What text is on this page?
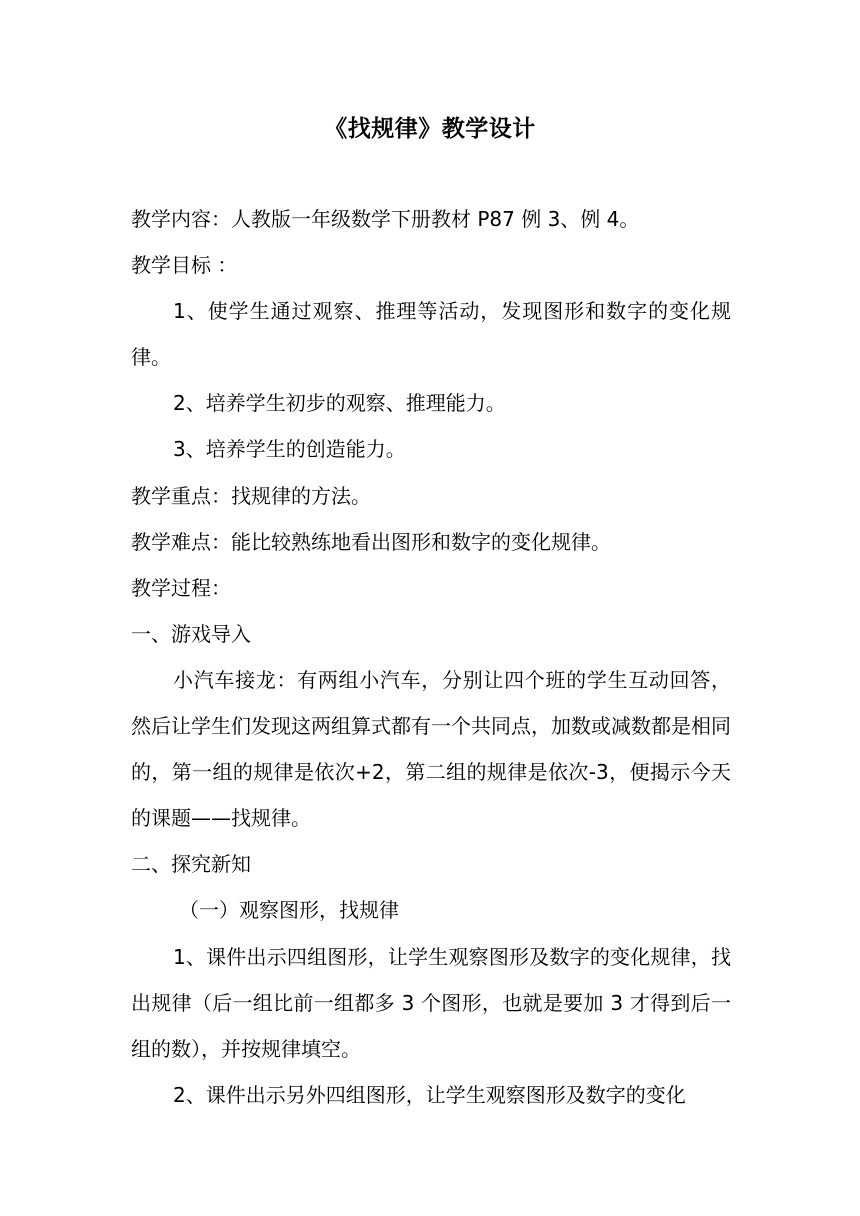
《找规律》教学设计

教学内容：人教版一年级数学下册教材 P87 例 3、例 4。

教学目标 ：

1、使学生通过观察、推理等活动，发现图形和数字的变化规律。

2、培养学生初步的观察、推理能力。

3、培养学生的创造能力。

教学重点：找规律的方法。

教学难点：能比较熟练地看出图形和数字的变化规律。

教学过程：

一、游戏导入

小汽车接龙：有两组小汽车，分别让四个班的学生互动回答，然后让学生们发现这两组算式都有一个共同点，加数或减数都是相同的，第一组的规律是依次+2，第二组的规律是依次-3，便揭示今天的课题——找规律。

二、探究新知

（一）观察图形，找规律

1、课件出示四组图形，让学生观察图形及数字的变化规律，找出规律（后一组比前一组都多 3 个图形，也就是要加 3 才得到后一组的数），并按规律填空。

2、课件出示另外四组图形，让学生观察图形及数字的变化
